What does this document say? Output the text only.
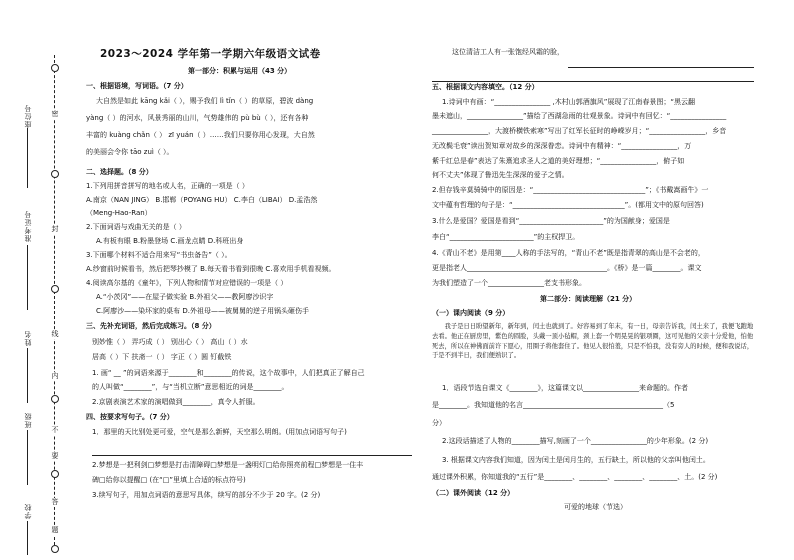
座位号
准考证号
姓名
班级
学校
密
封
线
内
不
要
答
题
2023～2024 学年第一学期六年级语文试卷
第一部分：积累与运用（43 分）
一、根据语境，写词语。（7 分）
大自然是如此 kāng kǎi（ ），赐予我们 lì tǐn（ ）的草原，碧波 dàng
yàng（ ）的河水，风景秀丽的山川，气势雄伟的 pù bù（ ），还有各种
丰富的 kuàng chǎn（ ） zī yuán（ ）……我们只要你用心发现，大自然
的美丽会令你 tāo zuì（ ）。
二、选择题。（8 分）
1.下列用拼音拼写的地名或人名，正确的一项是（ ）
A.南京（NAN JING） B.邯郸（POYANG HU） C.李白（LIBAI） D.孟浩然
（Meng-Hao-Ran）
2.下面词语与戏曲无关的是（ ）
A.有板有眼 B.粉墨登场 C.画龙点睛 D.科班出身
3.下面哪个材料不适合用来写“书虫备告”（ ）。
A.纱窗前时候看书，然后把琴抄模了 B.每天看书看到很晚 C.喜欢用手机看视频。
4.阅读高尔基的《童年》，下列人物和情节对应错误的一项是（ ）
A.“小茨冈”——在屋子做实验 B.外祖父——教阿廖沙识字
C.阿廖沙——染坏家的桌布 D.外祖母——被舅舅的逆子用锅头砸伤手
三、先补充词语，然后完成练习。（8 分）
别妙惟（ ） 弄巧成（ ） 别出心（ ） 高山（ ）水
居高（ ）下 扶斋一（ ） 字正（ ）圆 钉截铁
1. 画“ __ ”的词语来源于________和________的传说，这个故事中，人们把真正了解自己
的人叫做“________”，与“当机立断”意思相近的词是________。
2.京剧表演艺术家的演唱做到________，真令人折服。
四、按要求写句子。（7 分）
1．那里的天比别处更可爱，空气是那么新鲜，天空那么明朗。(用加点词语写句子)
2.梦想是一把利剑□梦想是打击清障碍□梦想是一盏明灯□给你照亮前程□梦想是一住丰
碑□给你以提醒□ (在“□”里填上合适的标点符号)
3.续写句子，用加点词语的意思写具体，续写的部分不少于 20 字。(2 分)
这位清洁工人有一张饱经风霜的脸，
五、根据课文内容填空。（12 分）
1.诗词中有画：“________________ ,木村山郭酒旗风”展现了江南春景图；“黑云翻
墨未遮山，________________”描绘了西湖急雨的壮观景象。诗词中有回忆：“________________
________________，大渡桥横铁索寒”写出了红军长征时的峥嵘岁月；“________________，乡音
无改鬓毛衰”读出贺知章对故乡的深深眷恋。诗词中有精神：“________________，万
紫千红总是春”表达了朱熹追求圣人之道的美好理想；“________________，俯子如
何不丈夫”体现了鲁迅先生深深的爱子之情。
2.但存钱辛莫骑骑中的原因是：“________________________________”；《书戴嵩画牛》一
文中蕴有哲理的句子是：“________________________________”。(都用文中的原句回答)
3.什么是爱国？爱国是看到“________________________”的为国献身；爱国是
李白“________________________”的主权捍卫。
4.《青山不老》是用第____人称的手法写的，“青山不老”既是指青翠的高山是不会老的，
更是指老人________________________________________。《桥》是一篇________。课文
为我们塑造了一个________________老支书形象。
第二部分：阅读理解（21 分）
（一）课内阅读（9 分）
我子是日日盼望新年，新年到，闰土也就到了。好容易到了年末，有一日，母亲告诉我，闰土来了，我便飞跑地去看。他正在厨房里，紫色的圆脸，头戴一顶小毡帽，颈上套一个明晃晃的银项圈，这可见他的父亲十分爱他，怕他死去，所以在神佛面前许下愿心，用圈子将他套住了。他见人很怕羞，只是不怕我，没有旁人的时候，便和我说话，于是不到半日，我们便熟识了。
1．语段节选自课文《________》，这篇课文以________________来命题的。作者
是________。我知道他的名言________________________________________（5
分）
2.这段话描述了人物的________描写,刻画了一个________________的少年形象。(2 分)
3. 根据课文内容我们知道，因为闰土是闰月生的，五行缺土，所以他的父亲叫他闰土。
通过课外积累，你知道我的“五行”是________、________、________、________、土。(2 分)
（二）课外阅读（12 分）
可爱的地球（节选）
